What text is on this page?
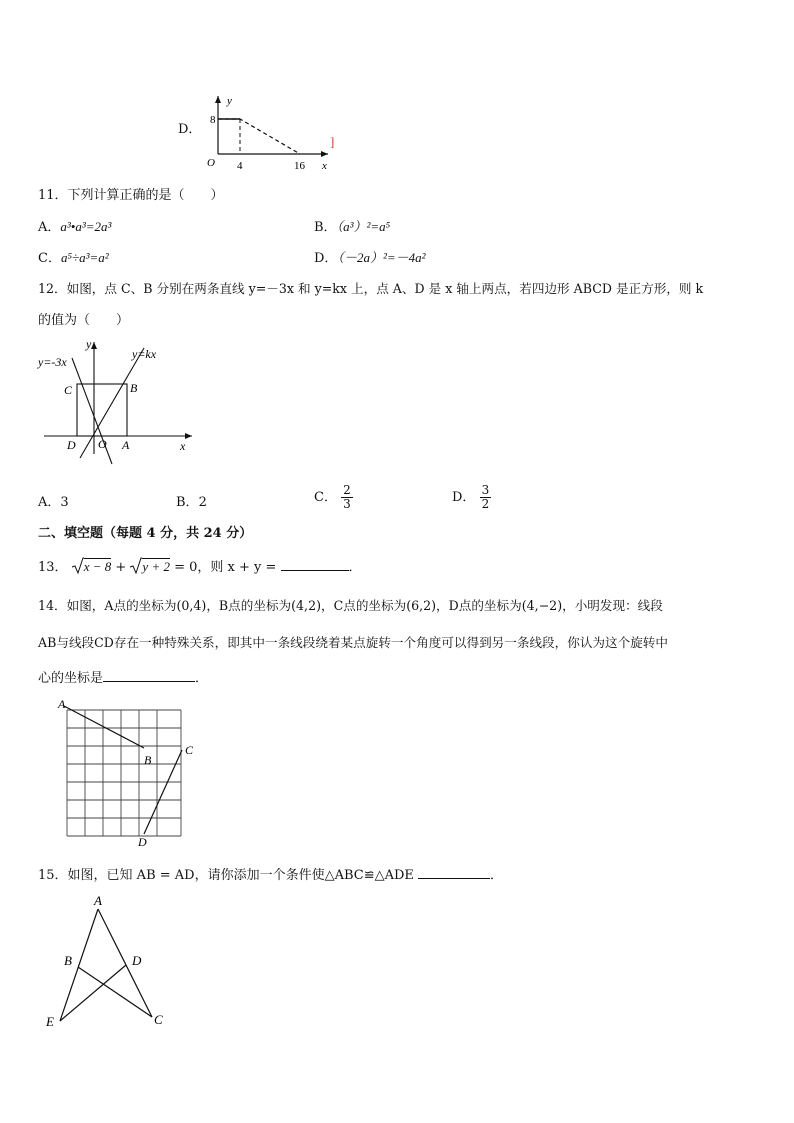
D．
y
x
O
8
4	16
]
11．下列计算正确的是（　　）
A．a³•a³=2a³	B．（a³）²=a⁵
C．a⁵÷a³=a²	D．（－2a）²=－4a²
12．如图，点 C、B 分别在两条直线 y=－3x 和 y=kx 上，点 A、D 是 x 轴上两点，若四边形 ABCD 是正方形，则 k
的值为（　　）
y=-3x
y=kx
y
x
C	B
D O A
A．3	B．2	C． $\frac{2}{3}$	D． $\frac{3}{2}$
二、填空题（每题 4 分，共 24 分）
13． x − 8 + y + 2 = 0，则 x + y =	．
14．如图，A点的坐标为(0,4)，B点的坐标为(4,2)，C点的坐标为(6,2)，D点的坐标为(4,−2)，小明发现：线段
AB与线段CD存在一种特殊关系，即其中一条线段绕着某点旋转一个角度可以得到另一条线段，你认为这个旋转中
心的坐标是	．
A
B
C
D
15．如图，已知 AB = AD，请你添加一个条件使△ABC≌△ADE	．
A
B	D
E	C
